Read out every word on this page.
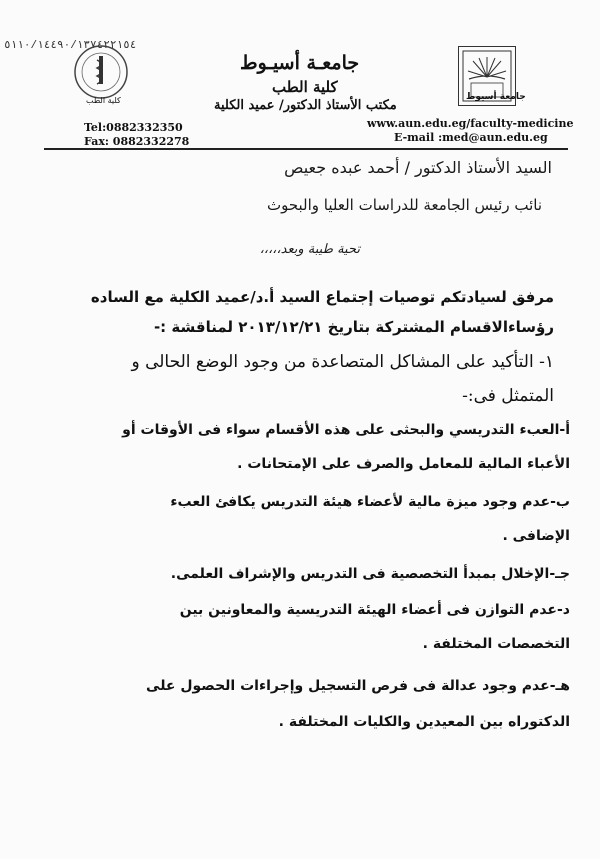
٥١١٠/١٤٤٩٠/١٣٧٤٢٢١٥٤
كلية الطب	جامعة أسيوط
جامعـة أسيـوط
كلية الطب
مكتب الأستاذ الدكتور/ عميد الكلية
www.aun.edu.eg/faculty-medicine
Tel:0882332350
E-mail :med@aun.edu.eg
Fax: 0882332278
السيد الأستاذ الدكتور / أحمد عبده جعيص
نائب رئيس الجامعة للدراسات العليا والبحوث
تحية طيبة وبعد،،،،،
مرفق لسيادتكم توصيات إجتماع السيد أ.د/عميد الكلية مع الساده
رؤساءالاقسام المشتركة بتاريخ ٢٠١٣/١٢/٢١ لمناقشة :-
١- التأكيد على المشاكل المتصاعدة من وجود الوضع الحالى و
المتمثل فى:-
أ-العبء التدريسي والبحثى على هذه الأقسام سواء فى الأوقات أو
الأعباء المالية للمعامل والصرف على الإمتحانات .
ب-عدم وجود ميزة مالية لأعضاء هيئة التدريس يكافئ العبء
الإضافى .
جـ-الإخلال بمبدأ التخصصية فى التدريس والإشراف العلمى.
د-عدم التوازن فى أعضاء الهيئة التدريسية والمعاونين بين
التخصصات المختلفة .
هـ-عدم وجود عدالة فى فرص التسجيل وإجراءات الحصول على
الدكتوراه بين المعيدين والكليات المختلفة .
